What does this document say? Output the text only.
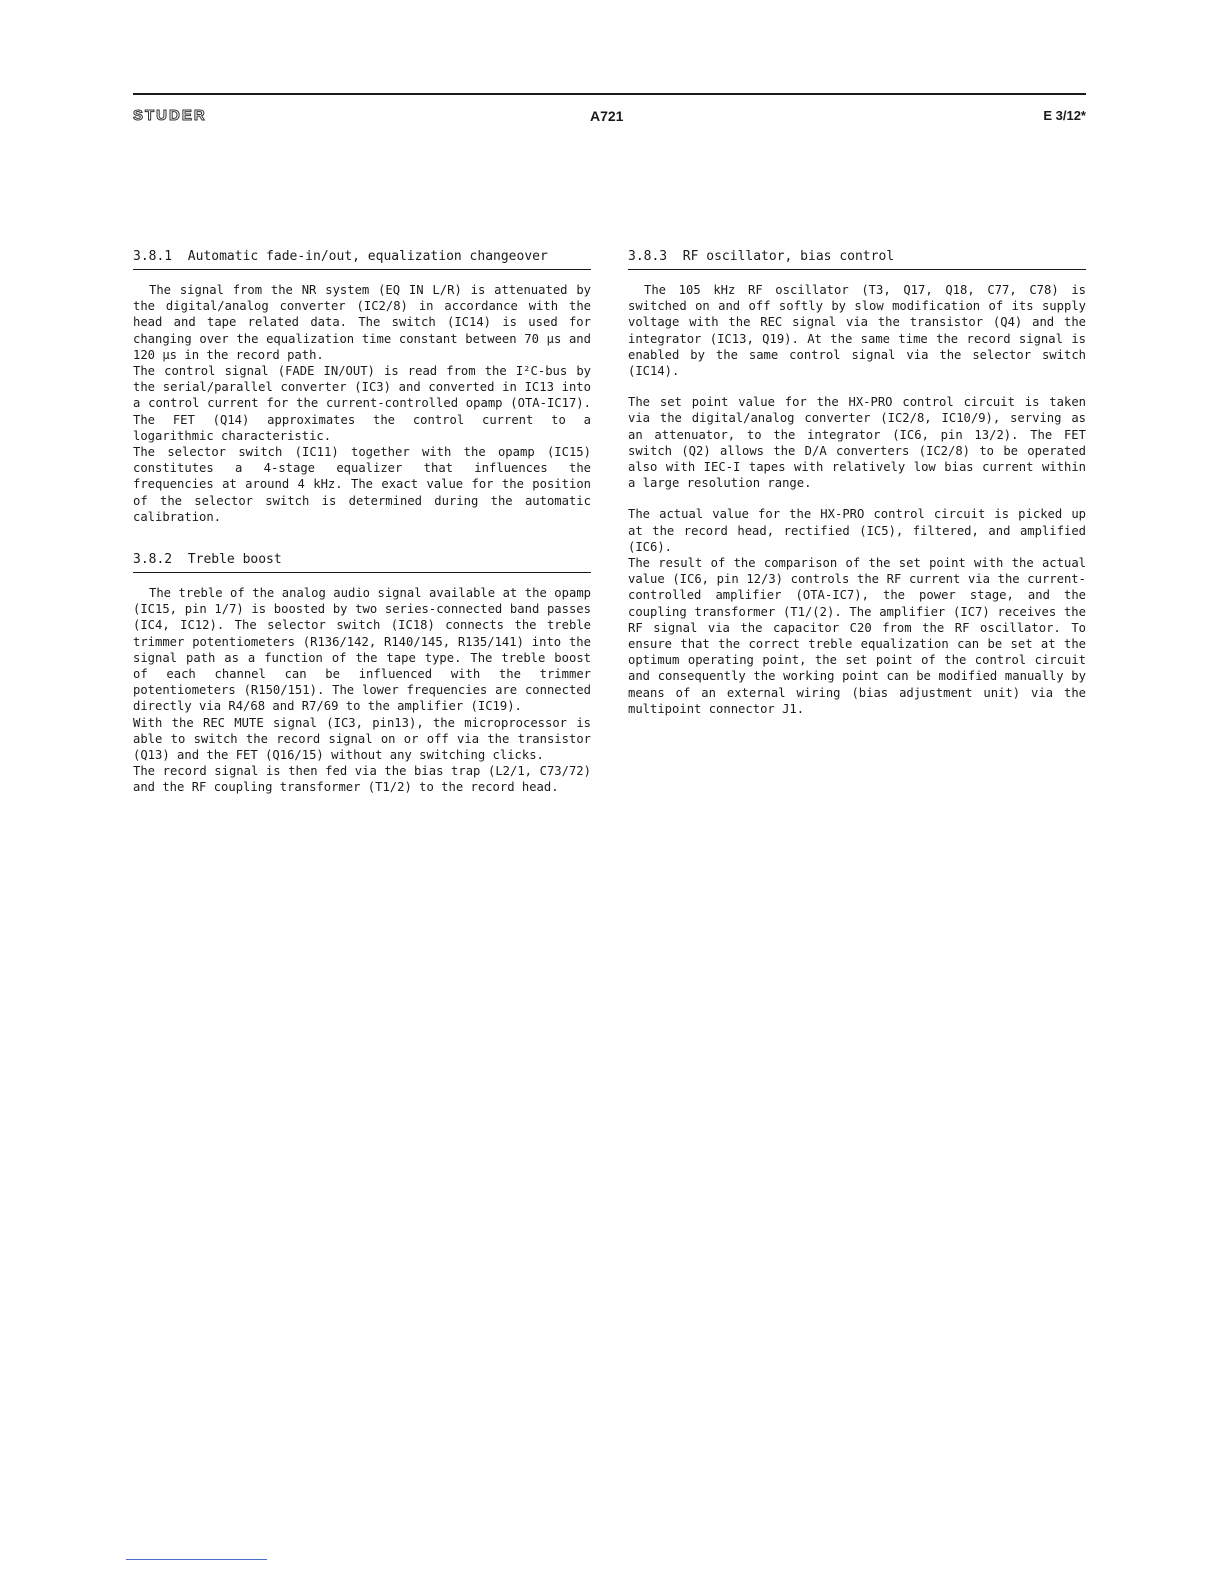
STUDER	A721	E 3/12*
3.8.1  Automatic fade-in/out, equalization changeover

The signal from the NR system (EQ IN L/R) is attenuated by the digital/analog converter (IC2/8) in accordance with the head and tape related data. The switch (IC14) is used for changing over the equalization time constant between 70 µs and 120 µs in the record path.

The control signal (FADE IN/OUT) is read from the I²C-bus by the serial/parallel converter (IC3) and converted in IC13 into a control current for the current-controlled opamp (OTA-IC17). The FET (Q14) approximates the control current to a logarithmic characteristic.

The selector switch (IC11) together with the opamp (IC15) constitutes a 4-stage equalizer that influences the frequencies at around 4 kHz. The exact value for the position of the selector switch is determined during the automatic calibration.

3.8.2  Treble boost

The treble of the analog audio signal available at the opamp (IC15, pin 1/7) is boosted by two series-connected band passes (IC4, IC12). The selector switch (IC18) connects the treble trimmer potentiometers (R136/142, R140/145, R135/141) into the signal path as a function of the tape type. The treble boost of each channel can be influenced with the trimmer potentiometers (R150/151). The lower frequencies are connected directly via R4/68 and R7/69 to the amplifier (IC19).

With the REC MUTE signal (IC3, pin13), the microprocessor is able to switch the record signal on or off via the transistor (Q13) and the FET (Q16/15) without any switching clicks.

The record signal is then fed via the bias trap (L2/1, C73/72) and the RF coupling transformer (T1/2) to the record head.

3.8.3  RF oscillator, bias control

The 105 kHz RF oscillator (T3, Q17, Q18, C77, C78) is switched on and off softly by slow modification of its supply voltage with the REC signal via the transistor (Q4) and the integrator (IC13, Q19). At the same time the record signal is enabled by the same control signal via the selector switch (IC14).

The set point value for the HX-PRO control circuit is taken via the digital/analog converter (IC2/8, IC10/9), serving as an attenuator, to the integrator (IC6, pin 13/2). The FET switch (Q2) allows the D/A converters (IC2/8) to be operated also with IEC-I tapes with relatively low bias current within a large resolution range.

The actual value for the HX-PRO control circuit is picked up at the record head, rectified (IC5), filtered, and amplified (IC6).

The result of the comparison of the set point with the actual value (IC6, pin 12/3) controls the RF current via the current-controlled amplifier (OTA-IC7), the power stage, and the coupling transformer (T1/(2). The amplifier (IC7) receives the RF signal via the capacitor C20 from the RF oscillator. To ensure that the correct treble equalization can be set at the optimum operating point, the set point of the control circuit and consequently the working point can be modified manually by means of an external wiring (bias adjustment unit) via the multipoint connector J1.
